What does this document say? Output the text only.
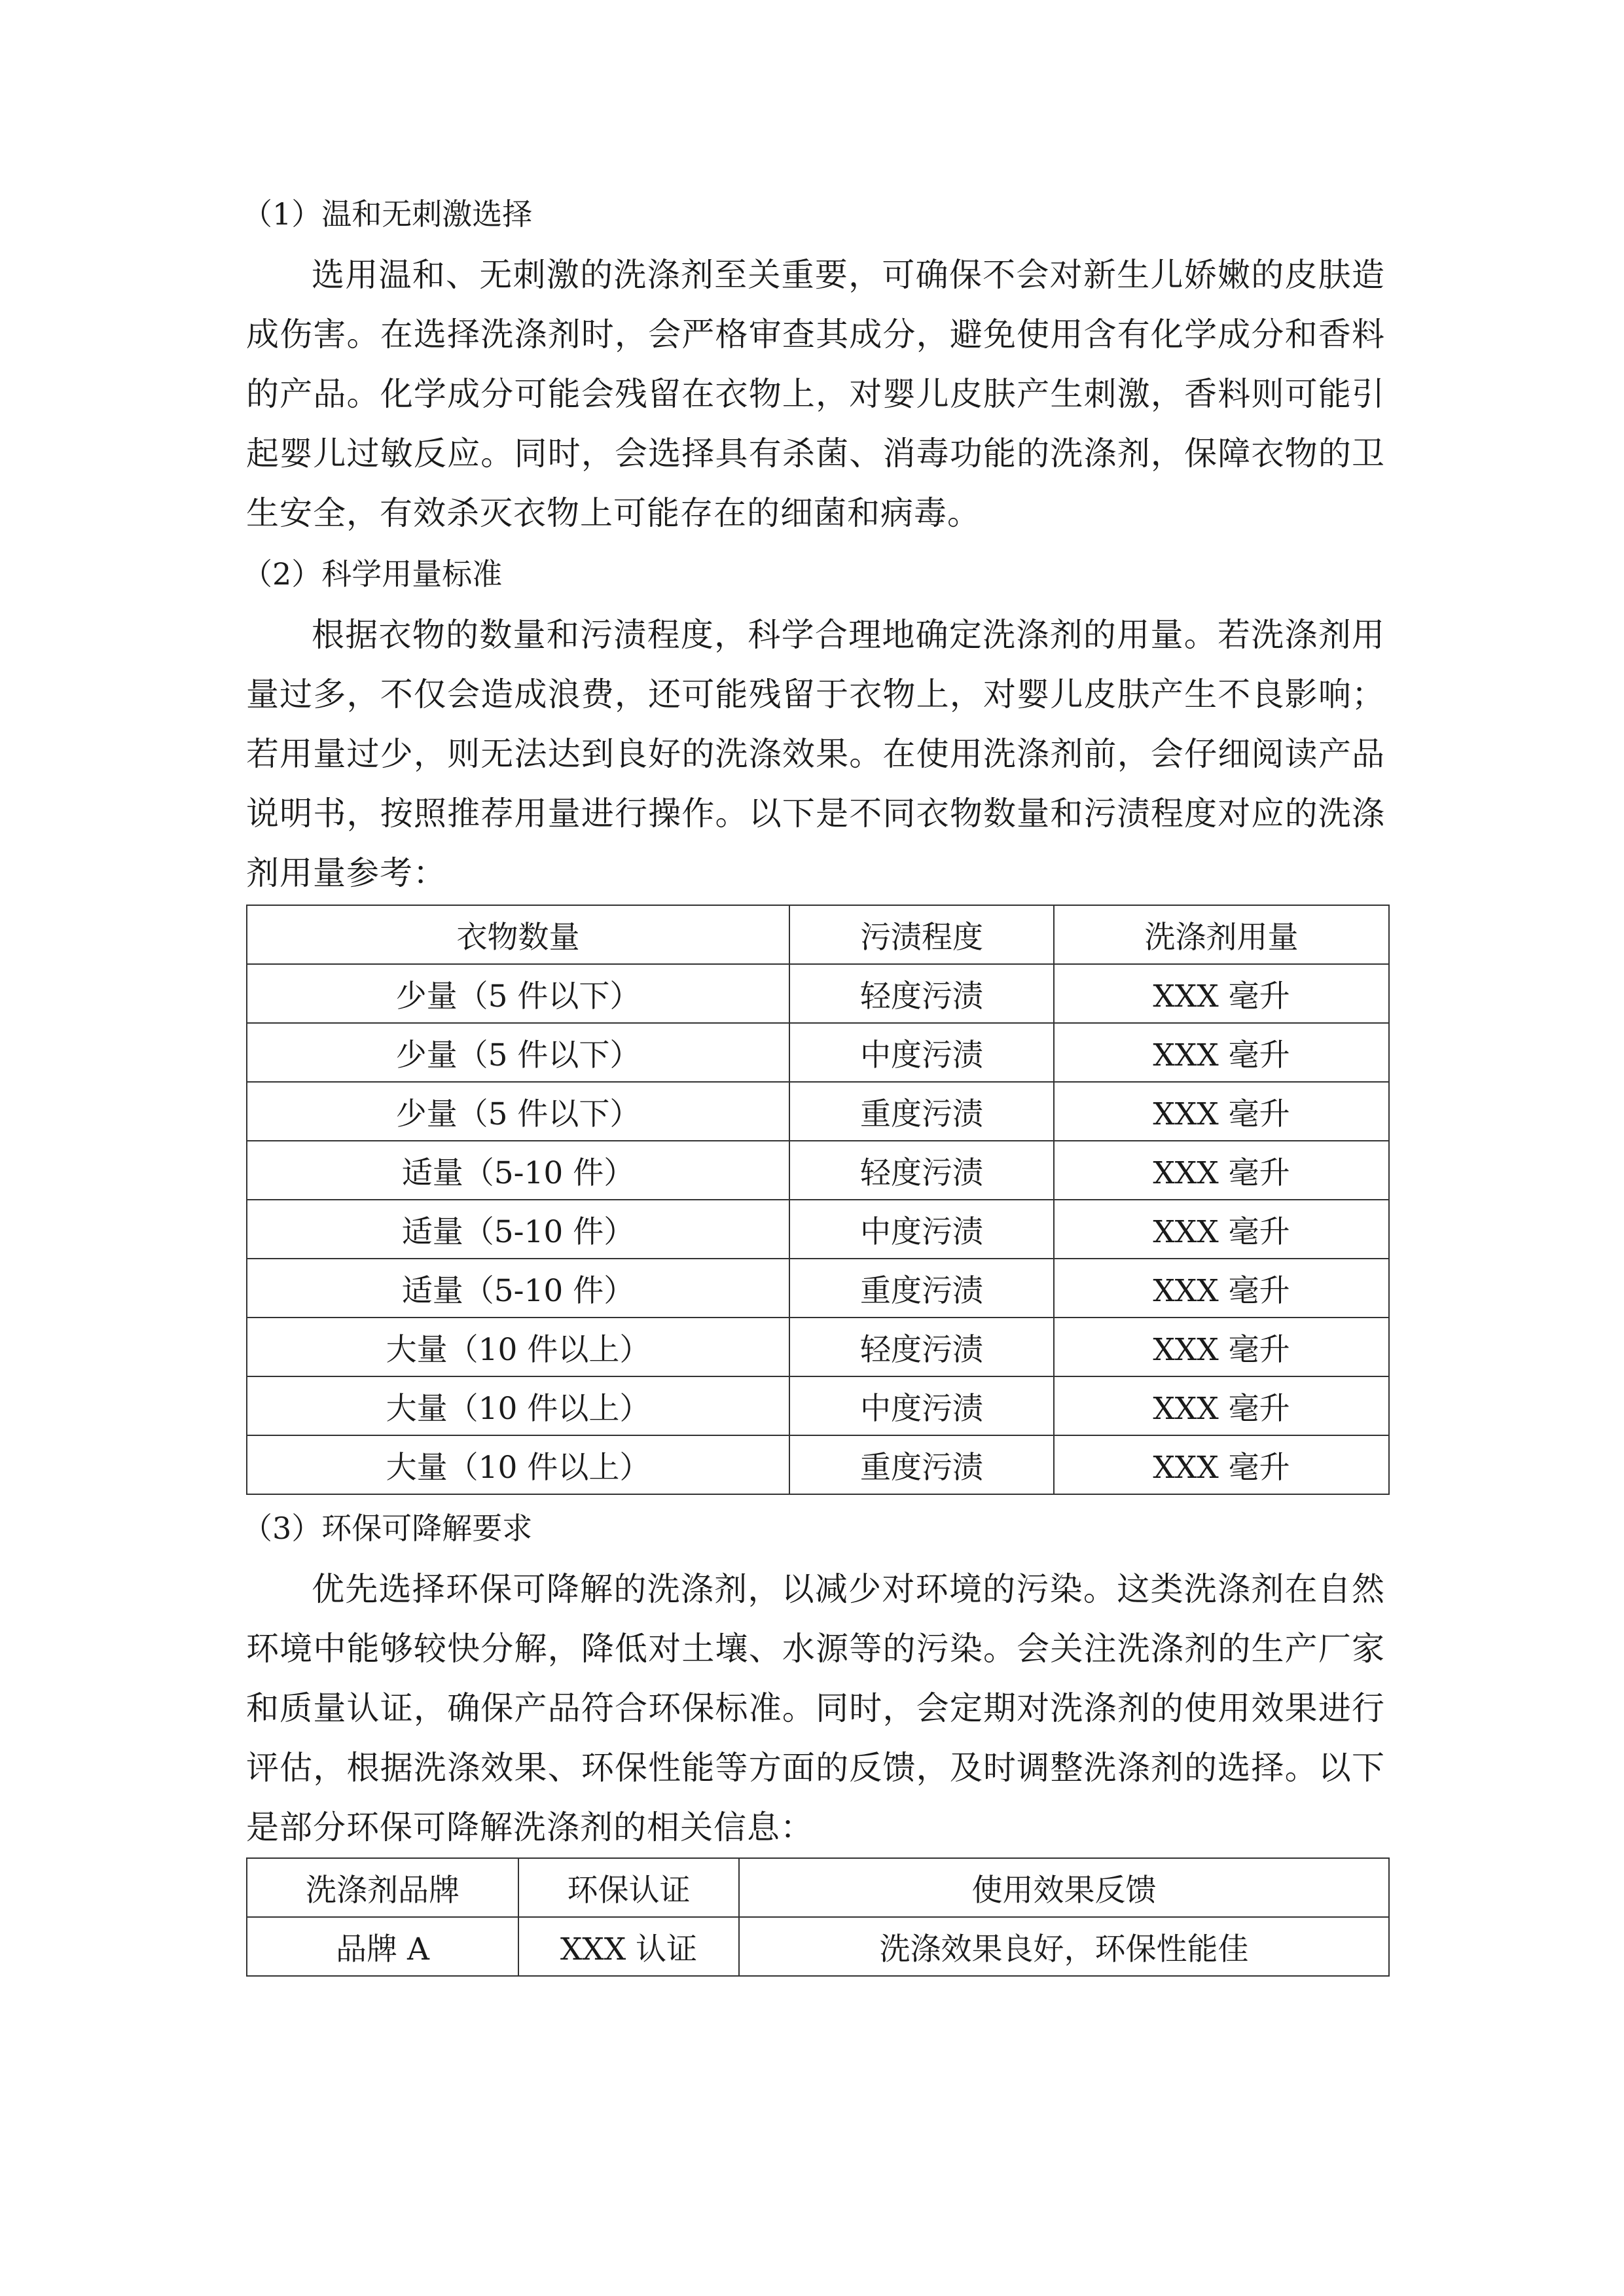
（1）温和无刺激选择

选用温和、无刺激的洗涤剂至关重要，可确保不会对新生儿娇嫩的皮肤造成伤害。在选择洗涤剂时，会严格审查其成分，避免使用含有化学成分和香料的产品。化学成分可能会残留在衣物上，对婴儿皮肤产生刺激，香料则可能引起婴儿过敏反应。同时，会选择具有杀菌、消毒功能的洗涤剂，保障衣物的卫生安全，有效杀灭衣物上可能存在的细菌和病毒。

（2）科学用量标准

根据衣物的数量和污渍程度，科学合理地确定洗涤剂的用量。若洗涤剂用量过多，不仅会造成浪费，还可能残留于衣物上，对婴儿皮肤产生不良影响；若用量过少，则无法达到良好的洗涤效果。在使用洗涤剂前，会仔细阅读产品说明书，按照推荐用量进行操作。以下是不同衣物数量和污渍程度对应的洗涤剂用量参考：

衣物数量	污渍程度	洗涤剂用量
少量（5 件以下）	轻度污渍	XXX 毫升
少量（5 件以下）	中度污渍	XXX 毫升
少量（5 件以下）	重度污渍	XXX 毫升
适量（5-10 件）	轻度污渍	XXX 毫升
适量（5-10 件）	中度污渍	XXX 毫升
适量（5-10 件）	重度污渍	XXX 毫升
大量（10 件以上）	轻度污渍	XXX 毫升
大量（10 件以上）	中度污渍	XXX 毫升
大量（10 件以上）	重度污渍	XXX 毫升
（3）环保可降解要求

优先选择环保可降解的洗涤剂，以减少对环境的污染。这类洗涤剂在自然环境中能够较快分解，降低对土壤、水源等的污染。会关注洗涤剂的生产厂家和质量认证，确保产品符合环保标准。同时，会定期对洗涤剂的使用效果进行评估，根据洗涤效果、环保性能等方面的反馈，及时调整洗涤剂的选择。以下是部分环保可降解洗涤剂的相关信息：

洗涤剂品牌	环保认证	使用效果反馈
品牌 A	XXX 认证	洗涤效果良好，环保性能佳
